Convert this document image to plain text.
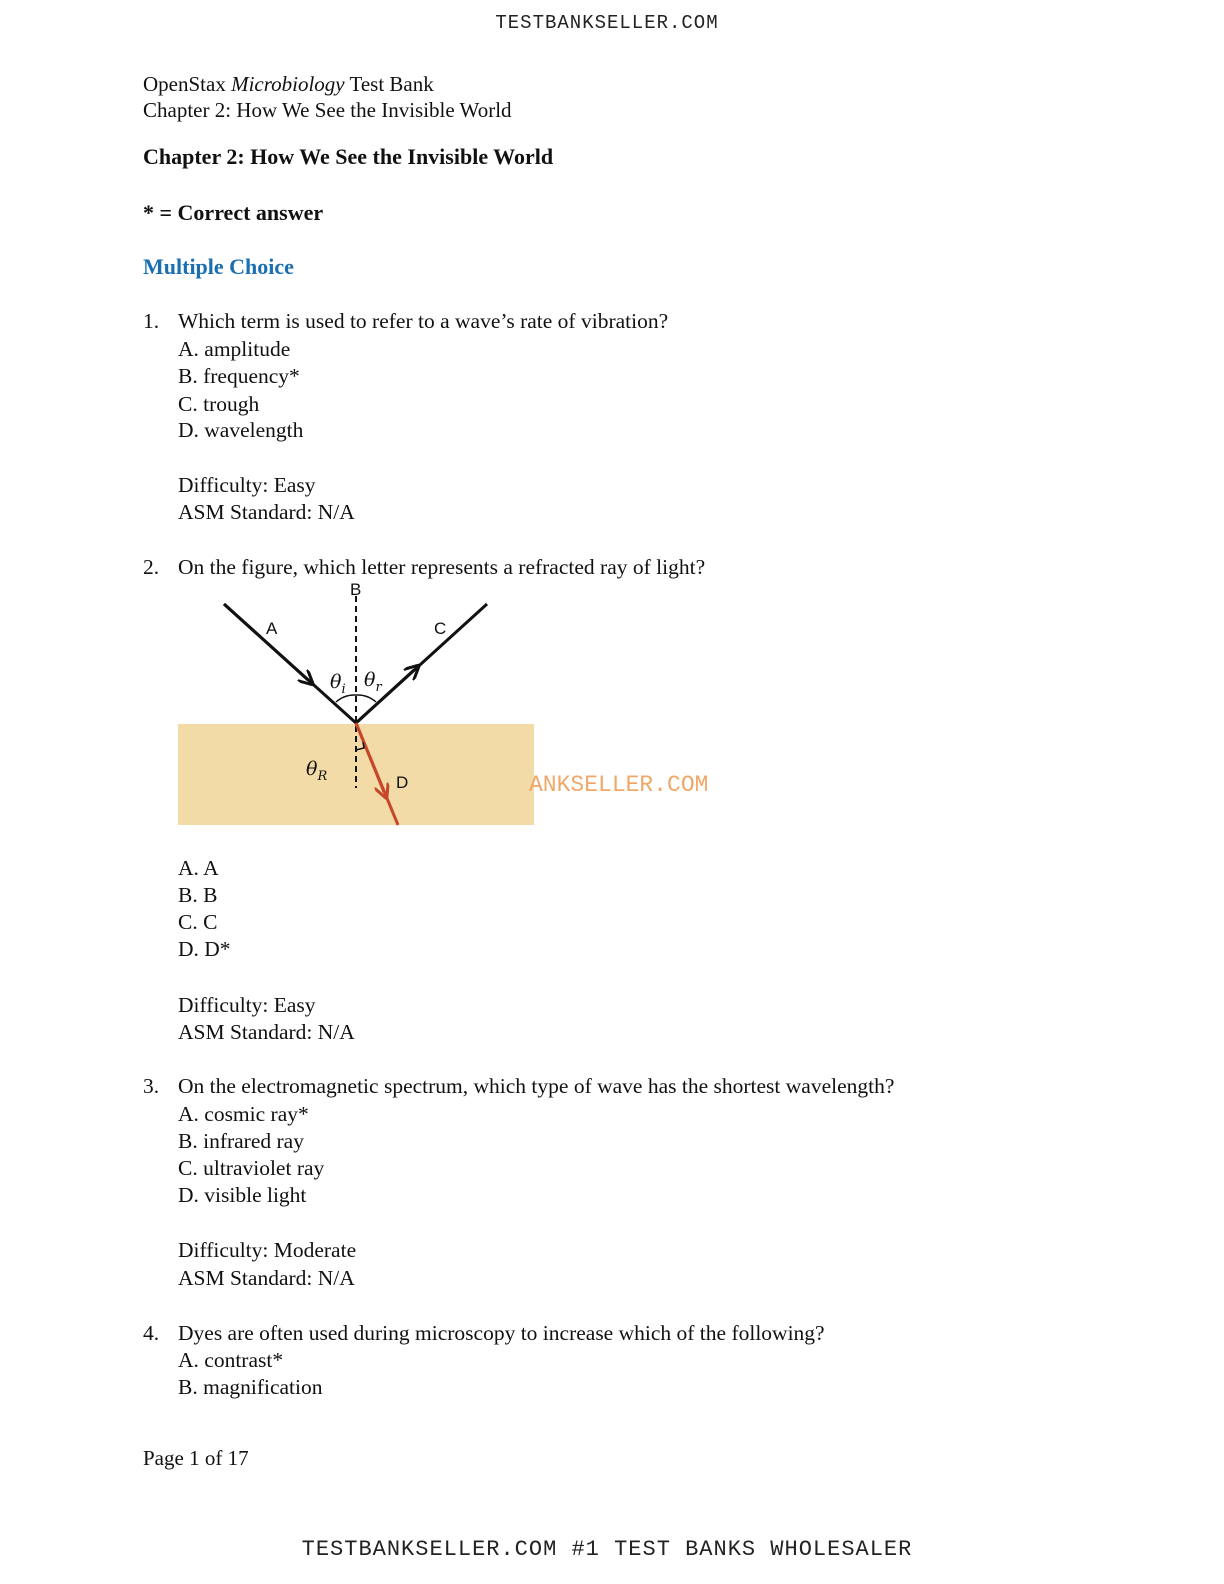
TESTBANKSELLER.COM
OpenStax Microbiology Test Bank
Chapter 2: How We See the Invisible World
Chapter 2: How We See the Invisible World
* = Correct answer
Multiple Choice
1. Which term is used to refer to a wave’s rate of vibration?
A. amplitude
B. frequency*
C. trough
D. wavelength
Difficulty: Easy
ASM Standard: N/A
2. On the figure, which letter represents a refracted ray of light?
B
A	C
D
$\theta_i$ $\theta_r$
$\theta_R$	ANKSELLER.COM
A. A
B. B
C. C
D. D*
Difficulty: Easy
ASM Standard: N/A
3. On the electromagnetic spectrum, which type of wave has the shortest wavelength?
A. cosmic ray*
B. infrared ray
C. ultraviolet ray
D. visible light
Difficulty: Moderate
ASM Standard: N/A
4. Dyes are often used during microscopy to increase which of the following?
A. contrast*
B. magnification
Page 1 of 17
TESTBANKSELLER.COM #1 TEST BANKS WHOLESALER
